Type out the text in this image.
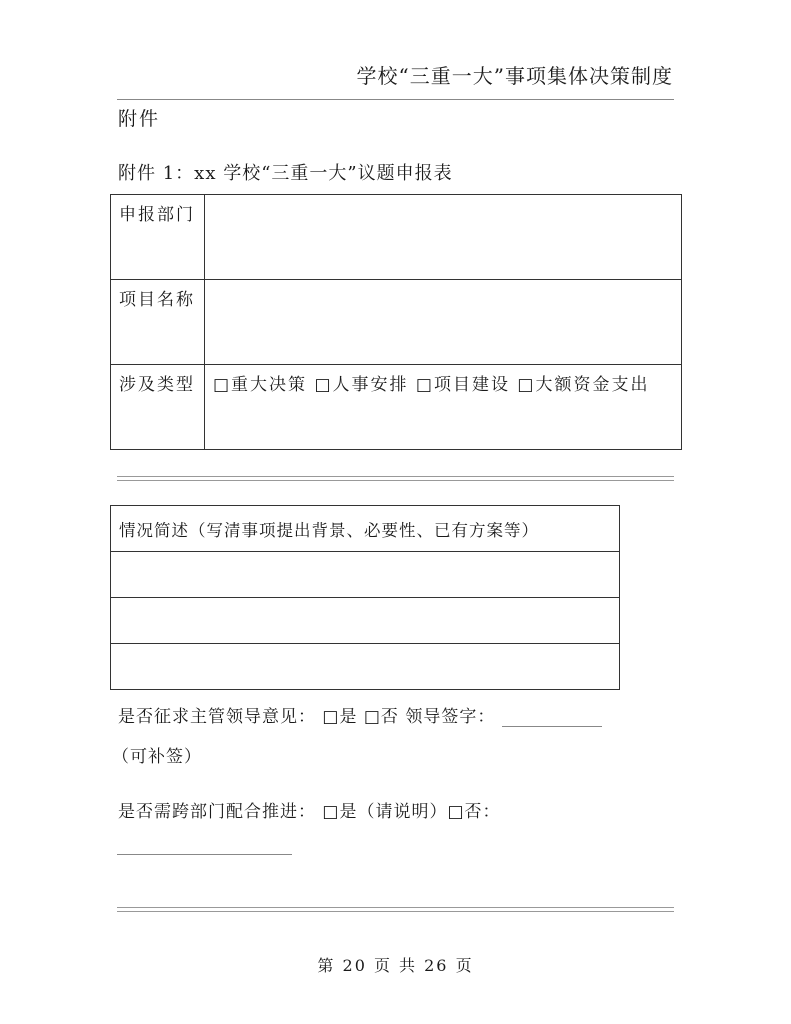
学校“三重一大”事项集体决策制度
附件
附件 1：xx 学校“三重一大”议题申报表
申报部门	
项目名称	
涉及类型	□重大决策 □人事安排 □项目建设 □大额资金支出
情况简述（写清事项提出背景、必要性、已有方案等）

是否征求主管领导意见： □是 □否 领导签字：
（可补签）
是否需跨部门配合推进： □是（请说明）□否：
第 20 页 共 26 页
